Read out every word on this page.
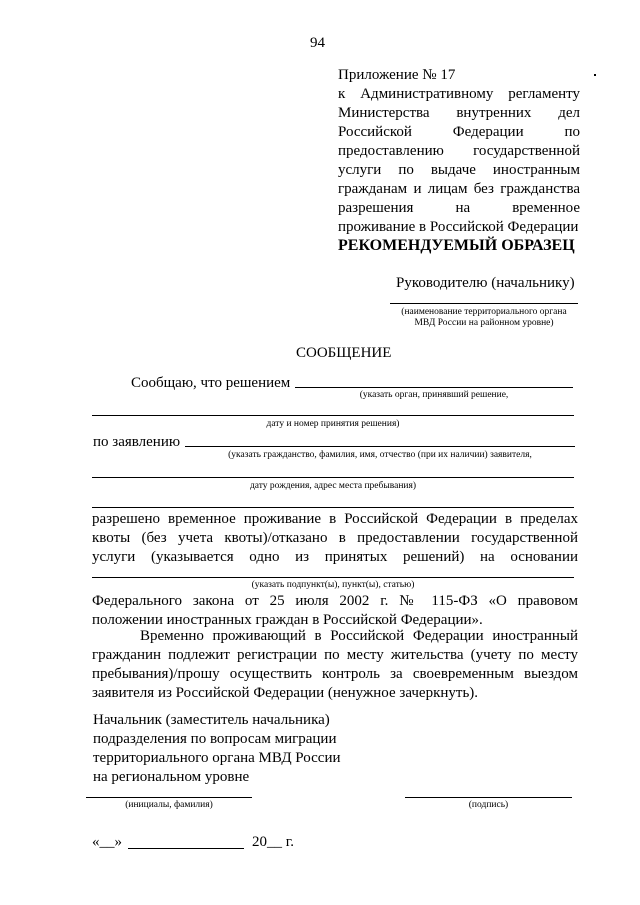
94
Приложение № 17
к Административному регламенту
Министерства внутренних дел
Российской Федерации по
предоставлению государственной
услуги по выдаче иностранным
гражданам и лицам без гражданства
разрешения на временное
проживание в Российской Федерации
РЕКОМЕНДУЕМЫЙ ОБРАЗЕЦ
Руководителю (начальнику)
(наименование территориального органа
МВД России на районном уровне)
СООБЩЕНИЕ
Сообщаю, что решением
(указать орган, принявший решение,
дату и номер принятия решения)
по заявлению
(указать гражданство, фамилия, имя, отчество (при их наличии) заявителя,
дату рождения, адрес места пребывания)
разрешено временное проживание в Российской Федерации в пределах
квоты (без учета квоты)/отказано в предоставлении государственной
услуги (указывается одно из принятых решений) на основании
(указать подпункт(ы), пункт(ы), статью)
Федерального закона от 25 июля 2002 г. № 115-ФЗ «О правовом
положении иностранных граждан в Российской Федерации».
Временно проживающий в Российской Федерации иностранный
гражданин подлежит регистрации по месту жительства (учету по месту
пребывания)/прошу осуществить контроль за своевременным выездом
заявителя из Российской Федерации (ненужное зачеркнуть).
Начальник (заместитель начальника)
подразделения по вопросам миграции
территориального органа МВД России
на региональном уровне
(инициалы, фамилия)	(подпись)
«__»	20__ г.
